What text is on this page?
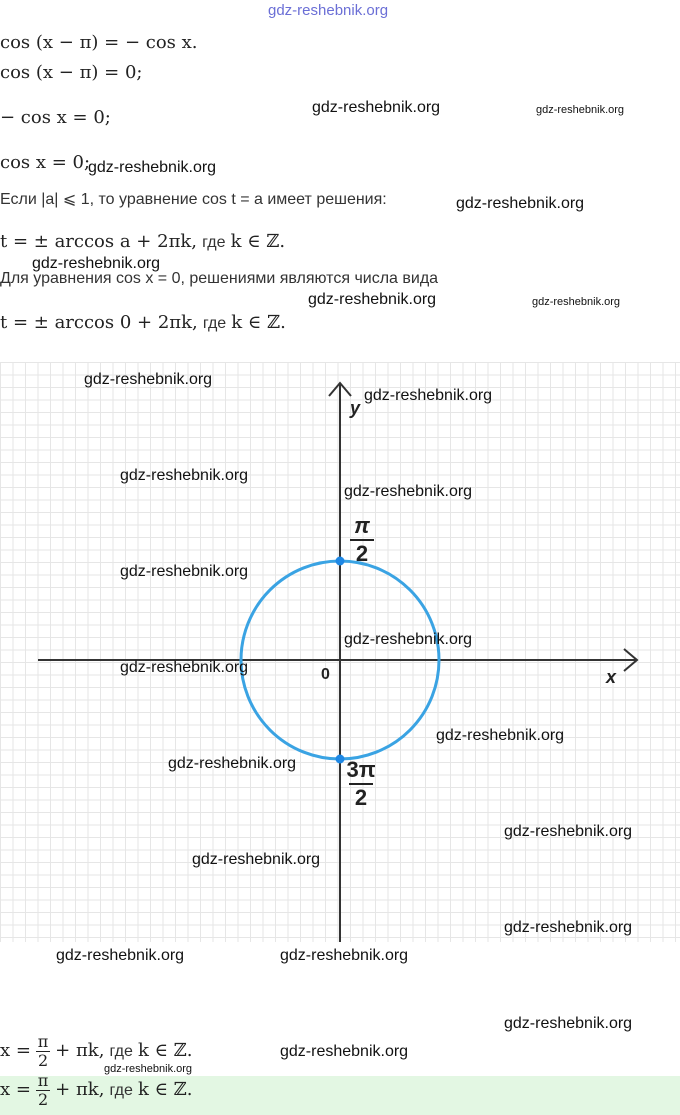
gdz-reshebnik.org
cos (x − π) = − cos x.
cos (x − π) = 0;
− cos x = 0;
cos x = 0;
Если |a| ⩽ 1, то уравнение cos t = a имеет решения:
t = ± arccos a + 2πk, где k ∈ ℤ.
Для уравнения cos x = 0, решениями являются числа вида
t = ± arccos 0 + 2πk, где k ∈ ℤ.
y
x
0
π
2
3π
2
$x = \frac{\pi}{2} + \pi k$, где k ∈ ℤ.
$x = \frac{\pi}{2} + \pi k$, где k ∈ ℤ.
gdz-reshebnik.org	gdz-reshebnik.org
gdz-reshebnik.org
gdz-reshebnik.org
gdz-reshebnik.org
gdz-reshebnik.org	gdz-reshebnik.org
gdz-reshebnik.org
gdz-reshebnik.org
gdz-reshebnik.org
gdz-reshebnik.org
gdz-reshebnik.org
gdz-reshebnik.org
gdz-reshebnik.org
gdz-reshebnik.org
gdz-reshebnik.org
gdz-reshebnik.org
gdz-reshebnik.org
gdz-reshebnik.org
gdz-reshebnik.org	gdz-reshebnik.org
gdz-reshebnik.org
gdz-reshebnik.org
gdz-reshebnik.org
